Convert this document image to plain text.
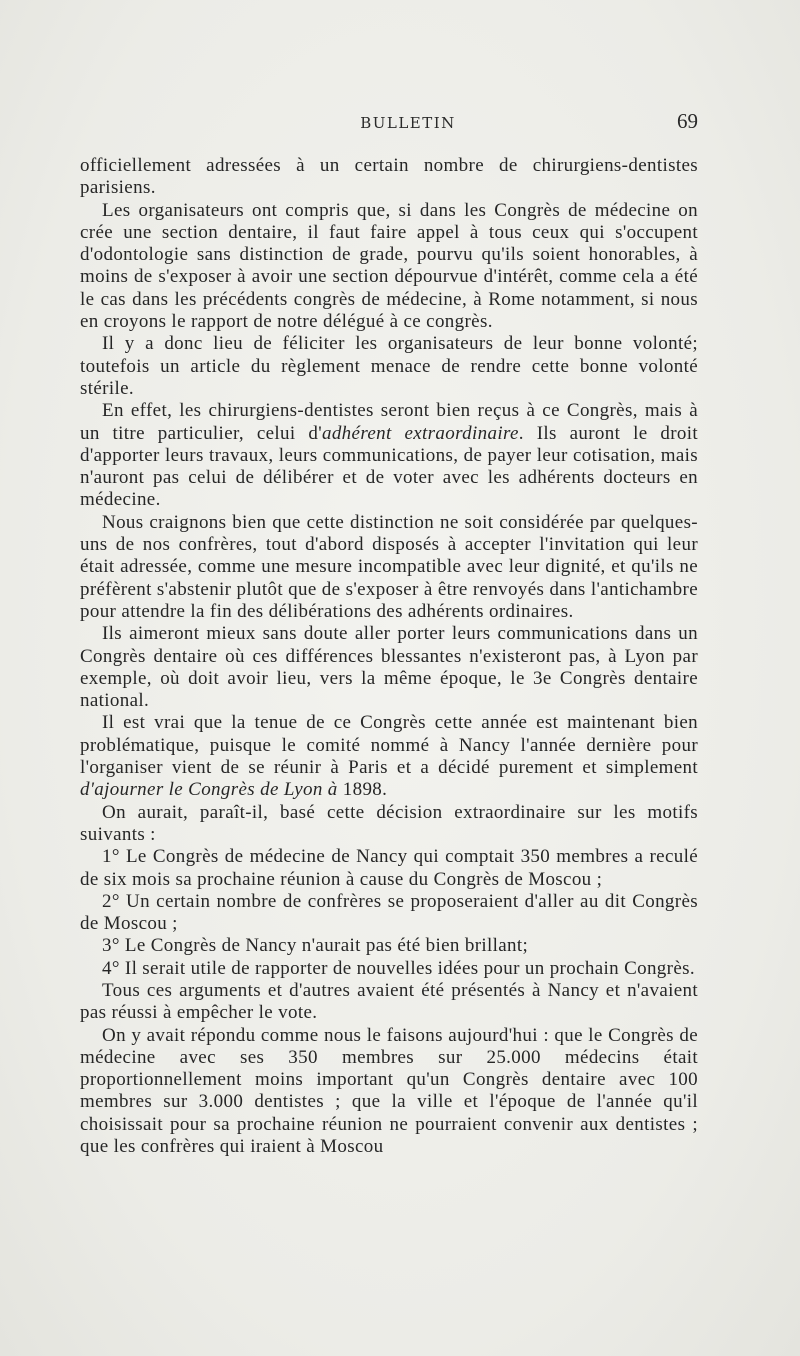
BULLETIN	69

officiellement adressées à un certain nombre de chirurgiens-dentistes parisiens.

Les organisateurs ont compris que, si dans les Congrès de médecine on crée une section dentaire, il faut faire appel à tous ceux qui s'occupent d'odontologie sans distinction de grade, pourvu qu'ils soient honorables, à moins de s'exposer à avoir une section dépourvue d'intérêt, comme cela a été le cas dans les précédents congrès de médecine, à Rome notamment, si nous en croyons le rapport de notre délégué à ce congrès.

Il y a donc lieu de féliciter les organisateurs de leur bonne volonté; toutefois un article du règlement menace de rendre cette bonne volonté stérile.

En effet, les chirurgiens-dentistes seront bien reçus à ce Congrès, mais à un titre particulier, celui d'adhérent extraordinaire. Ils auront le droit d'apporter leurs travaux, leurs communications, de payer leur cotisation, mais n'auront pas celui de délibérer et de voter avec les adhérents docteurs en médecine.

Nous craignons bien que cette distinction ne soit considérée par quelques-uns de nos confrères, tout d'abord disposés à accepter l'invitation qui leur était adressée, comme une mesure incompatible avec leur dignité, et qu'ils ne préfèrent s'abstenir plutôt que de s'exposer à être renvoyés dans l'antichambre pour attendre la fin des délibérations des adhérents ordinaires.

Ils aimeront mieux sans doute aller porter leurs communications dans un Congrès dentaire où ces différences blessantes n'existeront pas, à Lyon par exemple, où doit avoir lieu, vers la même époque, le 3e Congrès dentaire national.

Il est vrai que la tenue de ce Congrès cette année est maintenant bien problématique, puisque le comité nommé à Nancy l'année dernière pour l'organiser vient de se réunir à Paris et a décidé purement et simplement d'ajourner le Congrès de Lyon à 1898.

On aurait, paraît-il, basé cette décision extraordinaire sur les motifs suivants :

1° Le Congrès de médecine de Nancy qui comptait 350 membres a reculé de six mois sa prochaine réunion à cause du Congrès de Moscou ;

2° Un certain nombre de confrères se proposeraient d'aller au dit Congrès de Moscou ;

3° Le Congrès de Nancy n'aurait pas été bien brillant;

4° Il serait utile de rapporter de nouvelles idées pour un prochain Congrès.

Tous ces arguments et d'autres avaient été présentés à Nancy et n'avaient pas réussi à empêcher le vote.

On y avait répondu comme nous le faisons aujourd'hui : que le Congrès de médecine avec ses 350 membres sur 25.000 médecins était proportionnellement moins important qu'un Congrès dentaire avec 100 membres sur 3.000 dentistes ; que la ville et l'époque de l'année qu'il choisissait pour sa prochaine réunion ne pourraient convenir aux dentistes ; que les confrères qui iraient à Moscou
